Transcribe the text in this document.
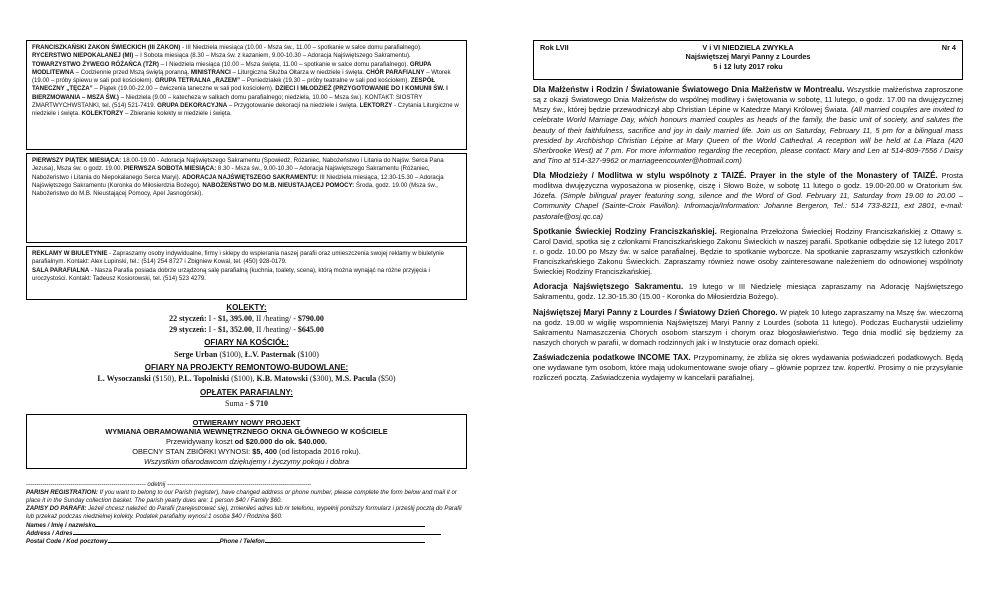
FRANCISZKAŃSKI ZAKON ŚWIECKICH (III ZAKON) - III Niedziela miesiąca (10.00 - Msza św., 11.00 – spotkanie w salce domu parafialnego). RYCERSTWO NIEPOKALANEJ (MI) – I Sobota miesiąca (8.30 – Msza św. z kazaniem, 9.00-10.30 – Adoracja Najświętszego Sakramentu). TOWARZYSTWO ŻYWEGO RÓŻAŃCA (TŻR) – I Niedziela miesiąca (10.00 – Msza święta, 11.00 – spotkanie w salce domu parafialnego). GRUPA MODLITEWNA – Codziennie przed Mszą świętą poranną. MINISTRANCI – Liturgiczna Służba Ołtarza w niedziele i święta. CHÓR PARAFIALNY – Wtorek (19.00 – próby śpiewu w sali pod kościołem). GRUPA TETRALNA „RAZEM” – Poniedziałek (19.30 – próby teatralne w sali pod kościołem). ZESPÓŁ TANECZNY „TĘCZA” – Piątek (19.00-22.00 – ćwiczenia taneczne w sali pod kościołem). DZIECI I MŁODZIEŻ (PRZYGOTOWANIE DO I KOMUNII ŚW. I BIERZMOWANIA – MSZA ŚW.) – Niedziela (9.00 – katecheza w salkach domu parafialnego; niedziela, 10.00 – Msza św.). KONTAKT: SIOSTRY ZMARTWYCHWSTANKI, tel. (514) 521-7419. GRUPA DEKORACYJNA – Przygotowanie dekoracji na niedziele i święta. LEKTORZY - Czytania Liturgiczne w niedziele i święta. KOLEKTORZY – Zbieranie kolekty w niedziele i święta.
PIERWSZY PIĄTEK MIESIĄCA: 18.00-19.00 - Adoracja Najświętszego Sakramentu (Spowiedź, Różaniec, Nabożeństwo i Litania do Najśw. Serca Pana Jezusa), Msza św. o godz. 19.00. PIERWSZA SOBOTA MIESIĄCA: 8.30 - Msza św., 9.00-10.30 – Adoracja Najświętszego Sakramentu (Różaniec, Nabożeństwo i Litania do Niepokalanego Serca Maryi). ADORACJA NAJŚWIĘTSZEGO SAKRAMENTU: III Niedziela miesiąca, 12.30-15.30 – Adoracja Najświętszego Sakramentu (Koronka do Miłosierdzia Bożego). NABOŻEŃSTWO DO M.B. NIEUSTAJĄCEJ POMOCY: Środa, godz. 19.00 (Msza św., Nabożeństwo do M.B. Nieustającej Pomocy, Apel Jasnogórski).
REKLAMY W BIULETYNIE - Zapraszamy osoby indywidualne, firmy i sklepy do wspierania naszej parafii oraz umieszczenia swojej reklamy w biuletynie parafialnym. Kontakt: Alex Lupinski, tel.: (514) 254 8727 i Zbigniew Kowal, tel. (450) 928-0179.
SALA PARAFIALNA - Nasza Parafia posiada dobrze urządzoną salę parafialną (kuchnia, toalety, scena), którą można wynająć na różne przyjęcia i uroczystości. Kontakt: Tadeusz Kosiorowski, tel. (514) 523 4279.
KOLEKTY:
22 styczeń: I - $1, 395.00, II /heating/ - $790.00
29 styczeń: I - $1, 352.00, II /heating/ - $645.00
OFIARY NA KOŚCIÓŁ:
Serge Urban ($100), Ł.V. Pasternak ($100)
OFIARY NA PROJEKTY REMONTOWO-BUDOWLANE:
L. Wysoczanski ($150), P.L. Topolniski ($100), K.B. Matowski ($300), M.S. Pacula ($50)
OPŁATEK PARAFIALNY:
Suma - $ 710
OTWIERAMY NOWY PROJEKT
WYMIANA OBRAMOWANIA WEWNĘTRZNEGO OKNA GŁÓWNEGO W KOŚCIELE
Przewidywany koszt od $20.000 do ok. $40.000.
OBECNY STAN ZBIÓRKI WYNOSI: $5, 400 (od listopada 2016 roku).
Wszystkim ofiarodawcom dziękujemy i życzymy pokoju i dobra
----------------------------------------------------------- odetnij -----------------------------------------------------------------------
PARISH REGISTRATION: If you want to belong to our Parish (register), have changed address or phone number, please complete the form below and mail it or place it in the Sunday collection basket. The parish yearly dues are: 1 person $40 / Family $60.
ZAPISY DO PARAFII: Jeżeli chcesz należeć do Parafii (zarejestrować się), zmieniłeś adres lub nr telefonu, wypełnij poniższy formularz i prześlij pocztą do Parafii lub przekaż podczas niedzielnej kolekty. Podatek parafialny wynosi:1 osoba $40 / Rodzina $60.
Names / Imię i nazwisko
Address / Adres
Postal Code / Kod pocztowy	Phone / Telefon
Rok LVII	Nr 4
V i VI NIEDZIELA ZWYKŁA
Najświętszej Maryi Panny z Lourdes
5 i 12 luty 2017 roku
Dla Małżeństw i Rodzin / Światowanie Światowego Dnia Małżeństw w Montrealu. Wszystkie małżeństwa zaproszone są z okazji Światowego Dnia Małżeństw do wspólnej modlitwy i świętowania w sobotę, 11 lutego, o godz. 17.00 na dwujęzycznej Mszy św., której będzie przewodniczył abp Christian Lépine w Katedrze Maryi Królowej Świata. (All married couples are invited to celebrate World Marriage Day, which honours married couples as heads of the family, the basic unit of society, and salutes the beauty of their faithfulness, sacrifice and joy in daily married life. Join us on Saturday, February 11, 5 pm for a bilingual mass presided by Archbishop Christian Lépine at Mary Queen of the World Cathedral. A reception will be held at La Plaza (420 Sherbrooke West) at 7 pm. For more information regarding the reception, please contact: Mary and Len at 514-809-7556 / Daisy and Tino at 514-327-9962 or marriageencounter@hotmail.com)
Dla Młodzieży / Modlitwa w stylu wspólnoty z TAIZÉ. Prayer in the style of the Monastery of TAIZÉ. Prosta modlitwa dwujęzyczna wyposażona w piosenkę, ciszę i Słowo Boże, w sobotę 11 lutego o godz. 19.00-20.00 w Oratorium św. Józefa. (Simple bilingual prayer featuring song, silence and the Word of God. February 11, Saturday from 19.00 to 20.00 – Community Chapel (Sainte-Croix Pavillon). Infromacja/Information: Johanne Bergeron, Tel.: 514 733-8211, ext 2801, e-mail: pastorale@osj.qc.ca)
Spotkanie Świeckiej Rodziny Franciszkańskiej. Regionalna Przełożona Świeckiej Rodziny Franciszkańskiej z Ottawy s. Carol David, spotka się z członkami Franciszkańskiego Zakonu Świeckich w naszej parafii. Spotkanie odbędzie się 12 lutego 2017 r. o godz. 10.00 po Mszy św. w salce parafialnej. Będzie to spotkanie wyborcze. Na spotkanie zapraszamy wszystkich członków Franciszkańskiego Zakonu Świeckich. Zapraszamy również nowe osoby zainteresowane należeniem do odnowionej wspólnoty Świeckiej Rodziny Franciszkańskiej.
Adoracja Najświętszego Sakramentu. 19 lutego w III Niedzielę miesiąca zapraszamy na Adorację Najświętszego Sakramentu, godz. 12.30-15.30 (15.00 - Koronka do Miłosierdzia Bożego).
Najświętszej Maryi Panny z Lourdes / Światowy Dzień Chorego. W piątek 10 lutego zapraszamy na Mszę św. wieczorną na godz. 19.00 w wigilię wspomnienia Najświętszej Maryi Panny z Lourdes (sobota 11 lutego). Podczas Eucharystii udzielimy Sakramentu Namaszczenia Chorych osobom starszym i chorym oraz błogosławieństwo. Tego dnia modlić się będziemy za naszych chorych w parafii, w domach rodzinnych jak i w Instytucie oraz domach opieki.
Zaświadczenia podatkowe INCOME TAX. Przypominamy, że zbliża się okres wydawania poświadczeń podatkowych. Będą one wydawane tym osobom, które mają udokumentowane swoje ofiary – głównie poprzez tzw. kopertki. Prosimy o nie przysyłanie rozliczeń pocztą. Zaświadczenia wydajemy w kancelarii parafialnej.
